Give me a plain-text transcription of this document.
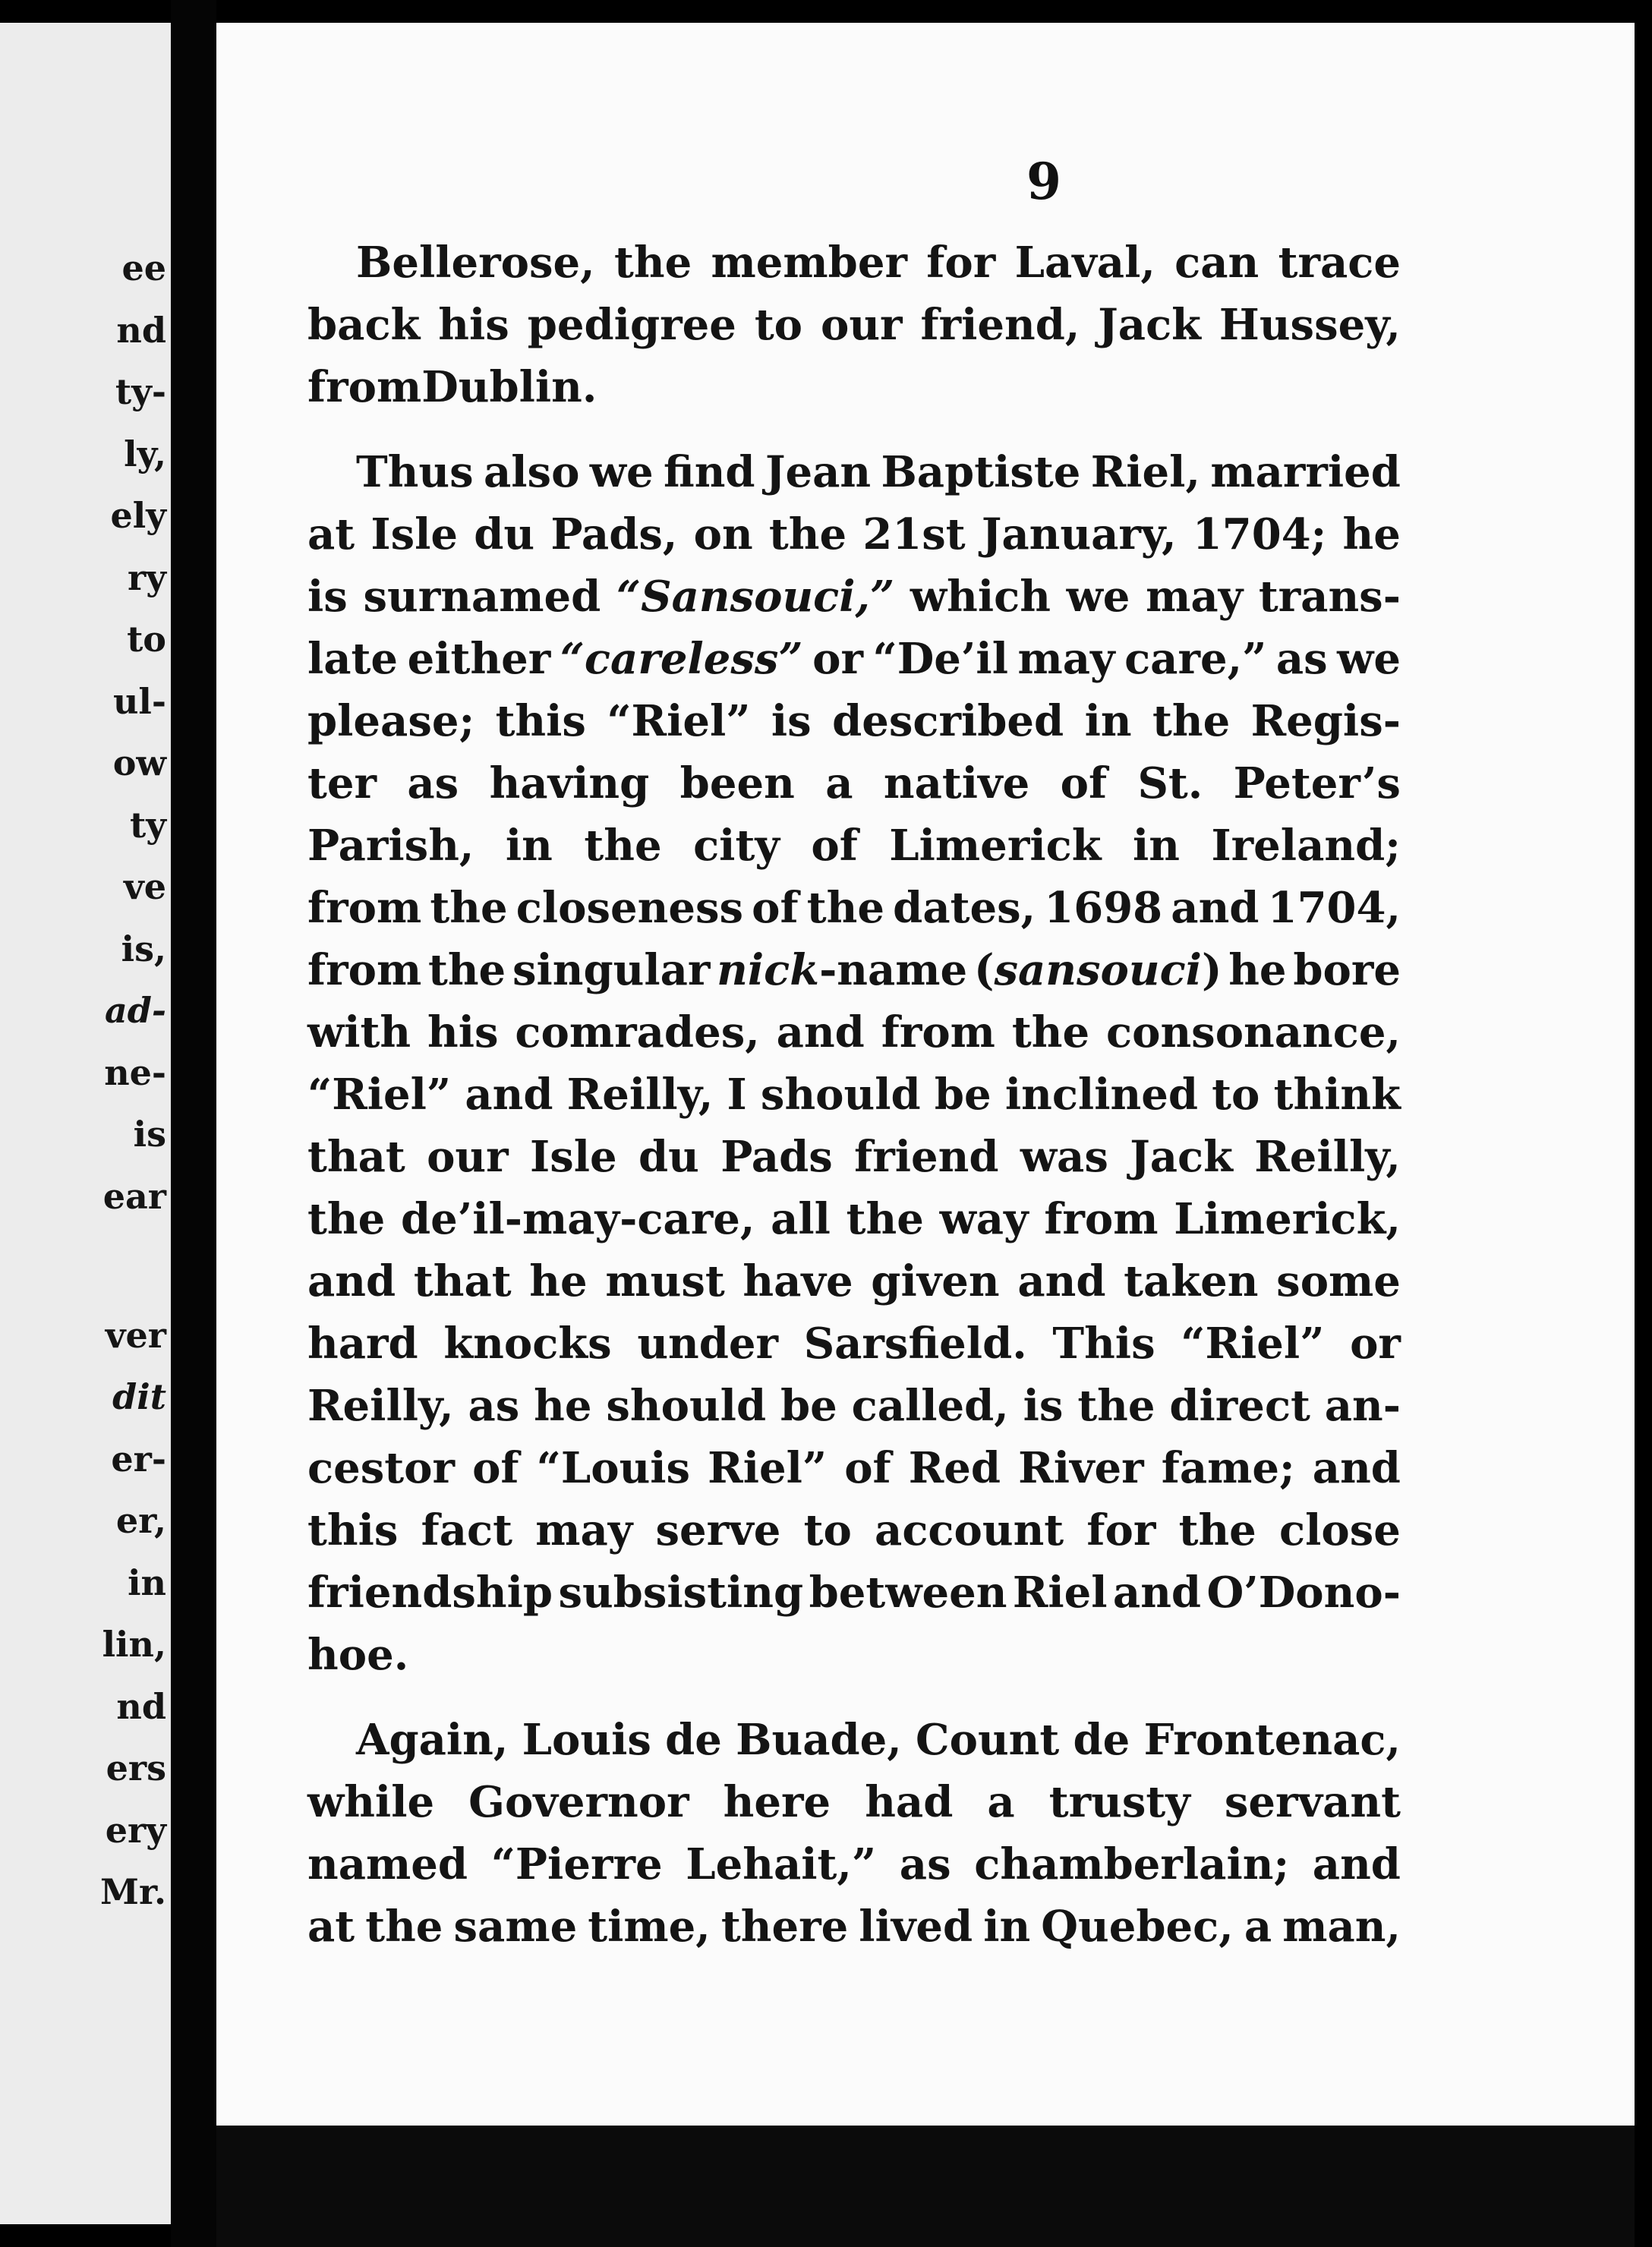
ee
nd
ty-
ly,
ely
ry
to
ul-
ow
ty
ve
is,
ad-
ne-
is
ear
ver
dit
er-
er,
in
lin,
nd
ers
ery
Mr.
9
Bellerose, the member for Laval, can trace
back his pedigree to our friend, Jack Hussey,
from Dublin.
Thus also we find Jean Baptiste Riel, married
at Isle du Pads, on the 21st January, 1704; he
is surnamed “Sansouci,” which we may trans-
late either “careless” or “De’il may care,” as we
please; this “Riel” is described in the Regis-
ter as having been a native of St. Peter’s
Parish, in the city of Limerick in Ireland;
from the closeness of the dates, 1698 and 1704,
from the singular nick-name (sansouci) he bore
with his comrades, and from the consonance,
“Riel” and Reilly, I should be inclined to think
that our Isle du Pads friend was Jack Reilly,
the de’il-may-care, all the way from Limerick,
and that he must have given and taken some
hard knocks under Sarsfield. This “Riel” or
Reilly, as he should be called, is the direct an-
cestor of “Louis Riel” of Red River fame; and
this fact may serve to account for the close
friendship subsisting between Riel and O’Dono-
hoe.
Again, Louis de Buade, Count de Frontenac,
while Governor here had a trusty servant
named “Pierre Lehait,” as chamberlain; and
at the same time, there lived in Quebec, a man,
